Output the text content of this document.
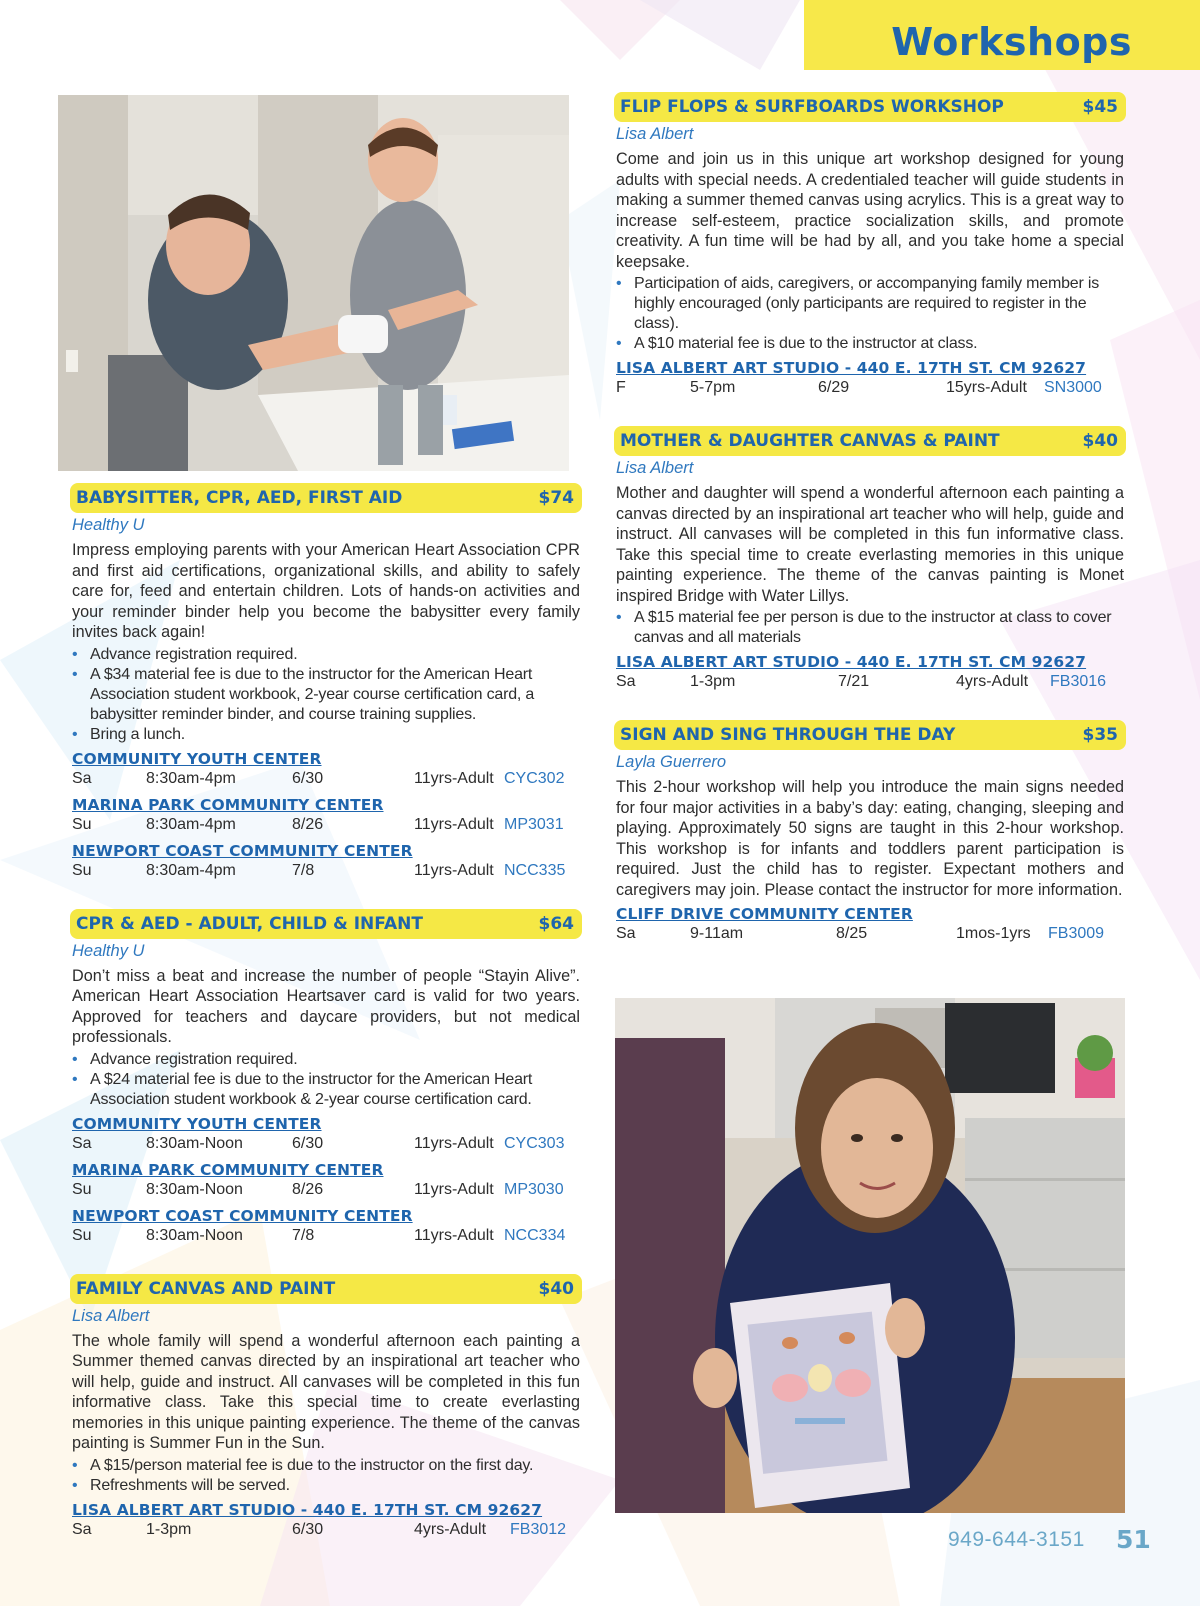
Workshops
BABYSITTER, CPR, AED, FIRST AID	$74
Healthy U
Impress employing parents with your American Heart Association CPR and first aid certifications, organizational skills, and ability to safely care for, feed and entertain children. Lots of hands-on activities and your reminder binder help you become the babysitter every family invites back again!
• Advance registration required.
• A $34 material fee is due to the instructor for the American Heart Association student workbook, 2-year course certification card, a babysitter reminder binder, and course training supplies.
• Bring a lunch.
COMMUNITY YOUTH CENTER
Sa	8:30am-4pm	6/30	11yrs-Adult CYC302
MARINA PARK COMMUNITY CENTER
Su	8:30am-4pm	8/26	11yrs-Adult MP3031
NEWPORT COAST COMMUNITY CENTER
Su	8:30am-4pm	7/8	11yrs-Adult NCC335
CPR & AED - ADULT, CHILD & INFANT	$64
Healthy U
Don’t miss a beat and increase the number of people “Stayin Alive”. American Heart Association Heartsaver card is valid for two years. Approved for teachers and daycare providers, but not medical professionals.
• Advance registration required.
• A $24 material fee is due to the instructor for the American Heart Association student workbook & 2-year course certification card.
COMMUNITY YOUTH CENTER
Sa	8:30am-Noon	6/30	11yrs-Adult CYC303
MARINA PARK COMMUNITY CENTER
Su	8:30am-Noon	8/26	11yrs-Adult MP3030
NEWPORT COAST COMMUNITY CENTER
Su	8:30am-Noon	7/8	11yrs-Adult NCC334
FAMILY CANVAS AND PAINT	$40
Lisa Albert
The whole family will spend a wonderful afternoon each painting a Summer themed canvas directed by an inspirational art teacher who will help, guide and instruct. All canvases will be completed in this fun informative class. Take this special time to create everlasting memories in this unique painting experience. The theme of the canvas painting is Summer Fun in the Sun.
• A $15/person material fee is due to the instructor on the first day.
• Refreshments will be served.
LISA ALBERT ART STUDIO - 440 E. 17TH ST. CM 92627
Sa	1-3pm	6/30	4yrs-Adult FB3012
FLIP FLOPS & SURFBOARDS WORKSHOP	$45
Lisa Albert
Come and join us in this unique art workshop designed for young adults with special needs. A credentialed teacher will guide students in making a summer themed canvas using acrylics. This is a great way to increase self-esteem, practice socialization skills, and promote creativity. A fun time will be had by all, and you take home a special keepsake.
• Participation of aids, caregivers, or accompanying family member is highly encouraged (only participants are required to register in the class).
• A $10 material fee is due to the instructor at class.
LISA ALBERT ART STUDIO - 440 E. 17TH ST. CM 92627
F	5-7pm	6/29	15yrs-Adult SN3000
MOTHER & DAUGHTER CANVAS & PAINT	$40
Lisa Albert
Mother and daughter will spend a wonderful afternoon each painting a canvas directed by an inspirational art teacher who will help, guide and instruct. All canvases will be completed in this fun informative class. Take this special time to create everlasting memories in this unique painting experience. The theme of the canvas painting is Monet inspired Bridge with Water Lillys.
• A $15 material fee per person is due to the instructor at class to cover canvas and all materials
LISA ALBERT ART STUDIO - 440 E. 17TH ST. CM 92627
Sa	1-3pm	7/21	4yrs-Adult FB3016
SIGN AND SING THROUGH THE DAY	$35
Layla Guerrero
This 2-hour workshop will help you introduce the main signs needed for four major activities in a baby’s day: eating, changing, sleeping and playing. Approximately 50 signs are taught in this 2-hour workshop. This workshop is for infants and toddlers parent participation is required. Just the child has to register. Expectant mothers and caregivers may join. Please contact the instructor for more information.
CLIFF DRIVE COMMUNITY CENTER
Sa	9-11am	8/25	1mos-1yrs FB3009
949-644-3151 51
